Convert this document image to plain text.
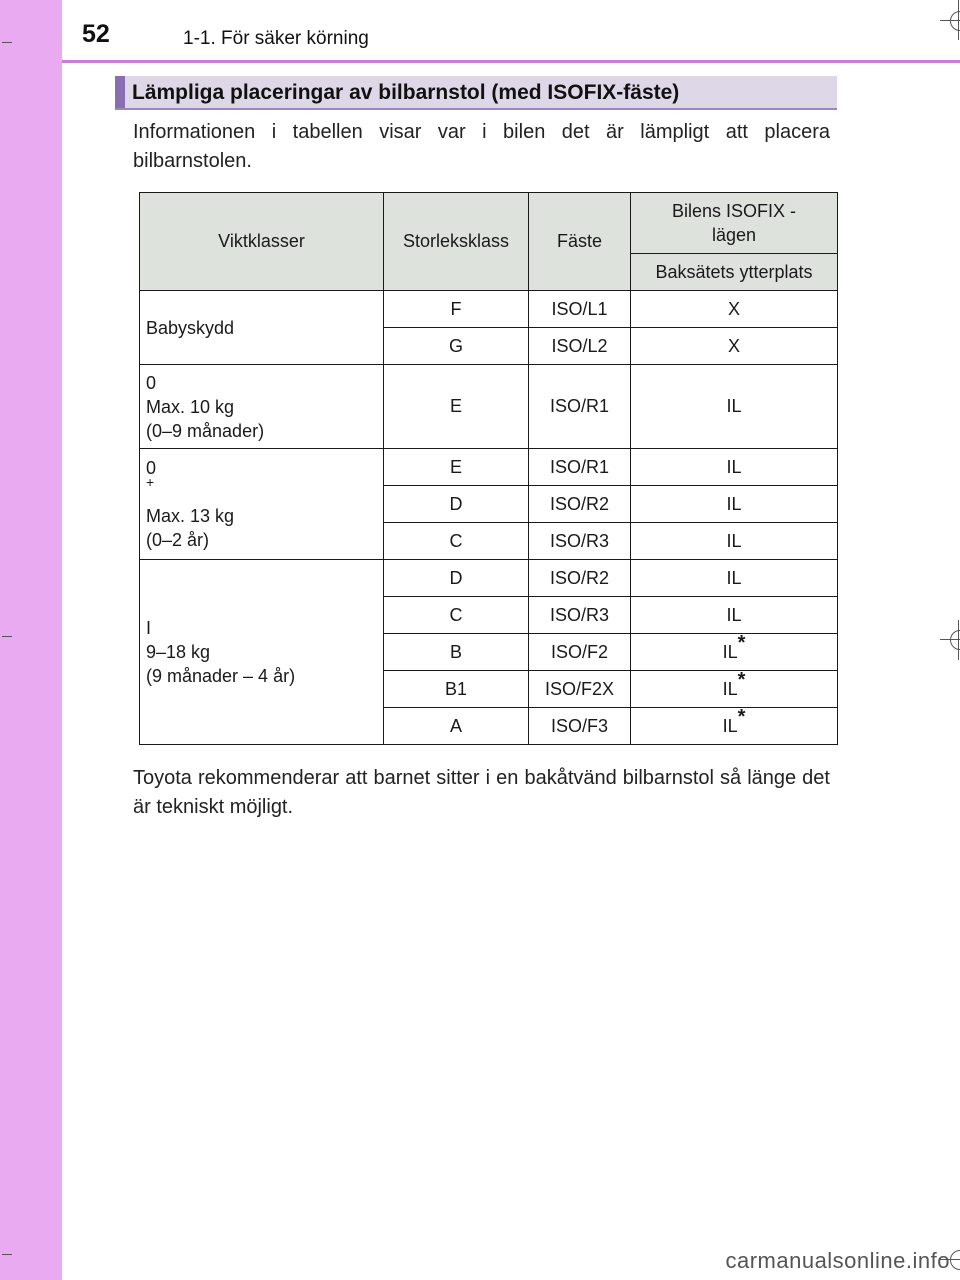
52	1-1. För säker körning
Lämpliga placeringar av bilbarnstol (med ISOFIX-fäste)
Informationen i tabellen visar var i bilen det är lämpligt att placera bilbarnstolen.
Viktklasser	Storleksklass	Fäste	Bilens ISOFIX -lägen
			Baksätets ytterplats

Babyskydd	F	ISO/L1	X
	G	ISO/L2	X

0
Max. 10 kg
(0–9 månader)	E	ISO/R1	IL

0
+
Max. 13 kg
(0–2 år)	E	ISO/R1	IL
	D	ISO/R2	IL
	C	ISO/R3	IL

I
9–18 kg
(9 månader – 4 år)	D	ISO/R2	IL
	C	ISO/R3	IL
	B	ISO/F2	IL*
	B1	ISO/F2X	IL*
	A	ISO/F3	IL*
Toyota rekommenderar att barnet sitter i en bakåtvänd bilbarnstol så länge det är tekniskt möjligt.
carmanualsonline.info
